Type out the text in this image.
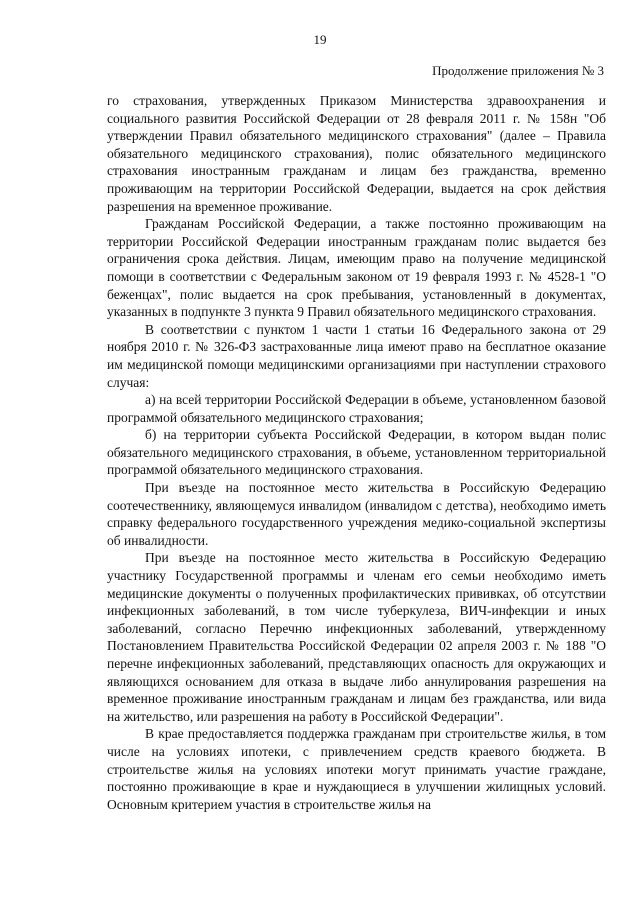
19
Продолжение приложения № 3

го страхования, утвержденных Приказом Министерства здравоохранения и социального развития Российской Федерации от 28 февраля 2011 г. № 158н "Об утверждении Правил обязательного медицинского страхования" (далее – Правила обязательного медицинского страхования), полис обязательного медицинского страхования иностранным гражданам и лицам без гражданства, временно проживающим на территории Российской Федерации, выдается на срок действия разрешения на временное проживание.

Гражданам Российской Федерации, а также постоянно проживающим на территории Российской Федерации иностранным гражданам полис выдается без ограничения срока действия. Лицам, имеющим право на получение медицинской помощи в соответствии с Федеральным законом от 19 февраля 1993 г. № 4528-1 "О беженцах", полис выдается на срок пребывания, установленный в документах, указанных в подпункте 3 пункта 9 Правил обязательного медицинского страхования.

В соответствии с пунктом 1 части 1 статьи 16 Федерального закона от 29 ноября 2010 г. № 326-ФЗ застрахованные лица имеют право на бесплатное оказание им медицинской помощи медицинскими организациями при наступлении страхового случая:

а) на всей территории Российской Федерации в объеме, установленном базовой программой обязательного медицинского страхования;

б) на территории субъекта Российской Федерации, в котором выдан полис обязательного медицинского страхования, в объеме, установленном территориальной программой обязательного медицинского страхования.

При въезде на постоянное место жительства в Российскую Федерацию соотечественнику, являющемуся инвалидом (инвалидом с детства), необходимо иметь справку федерального государственного учреждения медико-социальной экспертизы об инвалидности.

При въезде на постоянное место жительства в Российскую Федерацию участнику Государственной программы и членам его семьи необходимо иметь медицинские документы о полученных профилактических прививках, об отсутствии инфекционных заболеваний, в том числе туберкулеза, ВИЧ-инфекции и иных заболеваний, согласно Перечню инфекционных заболеваний, утвержденному Постановлением Правительства Российской Федерации 02 апреля 2003 г. № 188 "О перечне инфекционных заболеваний, представляющих опасность для окружающих и являющихся основанием для отказа в выдаче либо аннулирования разрешения на временное проживание иностранным гражданам и лицам без гражданства, или вида на жительство, или разрешения на работу в Российской Федерации".

В крае предоставляется поддержка гражданам при строительстве жилья, в том числе на условиях ипотеки, с привлечением средств краевого бюджета. В строительстве жилья на условиях ипотеки могут принимать участие граждане, постоянно проживающие в крае и нуждающиеся в улучшении жилищных условий. Основным критерием участия в строительстве жилья на
